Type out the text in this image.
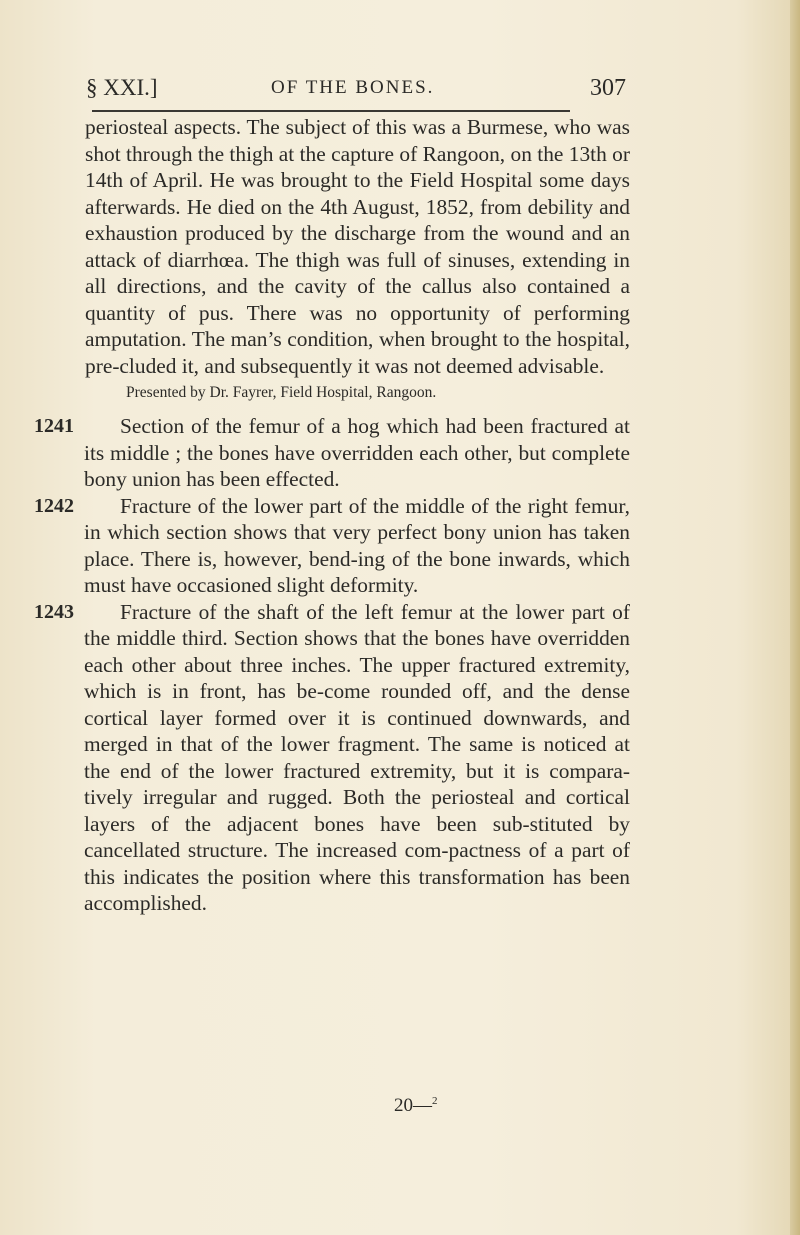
§ XXI.]	OF THE BONES.	307

periosteal aspects. The subject of this was a Burmese, who was shot through the thigh at the capture of Rangoon, on the 13th or 14th of April. He was brought to the Field Hospital some days afterwards. He died on the 4th August, 1852, from debility and exhaustion produced by the discharge from the wound and an attack of diarrhœa. The thigh was full of sinuses, extending in all directions, and the cavity of the callus also contained a quantity of pus. There was no opportunity of performing amputation. The man’s condition, when brought to the hospital, pre-cluded it, and subsequently it was not deemed advisable.

Presented by Dr. Fayrer, Field Hospital, Rangoon.

1241	Section of the femur of a hog which had been fractured at its middle ; the bones have overridden each other, but complete bony union has been effected.
1242	Fracture of the lower part of the middle of the right femur, in which section shows that very perfect bony union has taken place. There is, however, bend-ing of the bone inwards, which must have occasioned slight deformity.
1243	Fracture of the shaft of the left femur at the lower part of the middle third. Section shows that the bones have overridden each other about three inches. The upper fractured extremity, which is in front, has be-come rounded off, and the dense cortical layer formed over it is continued downwards, and merged in that of the lower fragment. The same is noticed at the end of the lower fractured extremity, but it is compara-tively irregular and rugged. Both the periosteal and cortical layers of the adjacent bones have been sub-stituted by cancellated structure. The increased com-pactness of a part of this indicates the position where this transformation has been accomplished.
20—$^2$
